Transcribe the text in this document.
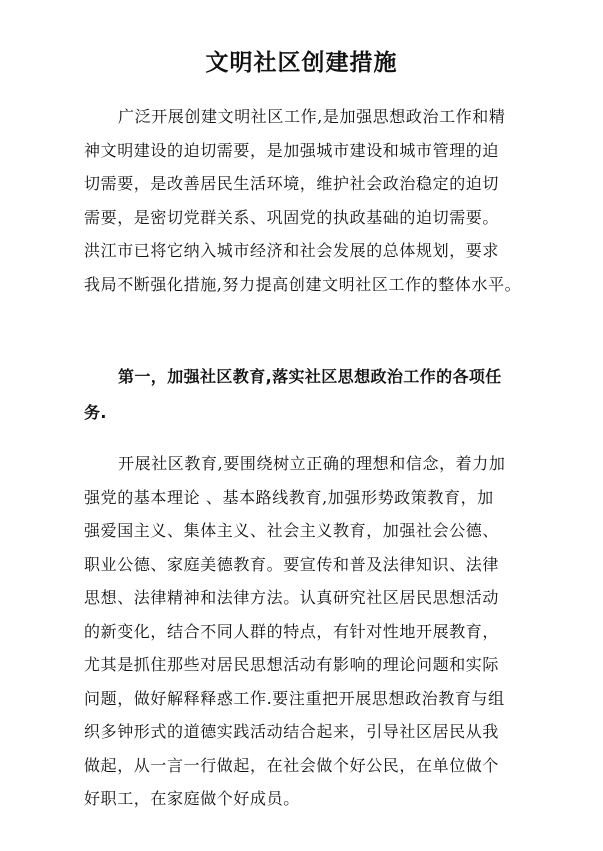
文明社区创建措施
广泛开展创建文明社区工作,是加强思想政治工作和精
神文明建设的迫切需要，是加强城市建设和城市管理的迫
切需要，是改善居民生活环境，维护社会政治稳定的迫切
需要，是密切党群关系、巩固党的执政基础的迫切需要。
洪江市已将它纳入城市经济和社会发展的总体规划，要求
我局不断强化措施,努力提高创建文明社区工作的整体水平。
第一，加强社区教育,落实社区思想政治工作的各项任
务.
开展社区教育,要围绕树立正确的理想和信念，着力加
强党的基本理论 、基本路线教育,加强形势政策教育，加
强爱国主义、集体主义、社会主义教育，加强社会公德、
职业公德、家庭美德教育。要宣传和普及法律知识、法律
思想、法律精神和法律方法。认真研究社区居民思想活动
的新变化，结合不同人群的特点，有针对性地开展教育，
尤其是抓住那些对居民思想活动有影响的理论问题和实际
问题，做好解释释惑工作.要注重把开展思想政治教育与组
织多钟形式的道德实践活动结合起来，引导社区居民从我
做起，从一言一行做起，在社会做个好公民，在单位做个
好职工，在家庭做个好成员。
